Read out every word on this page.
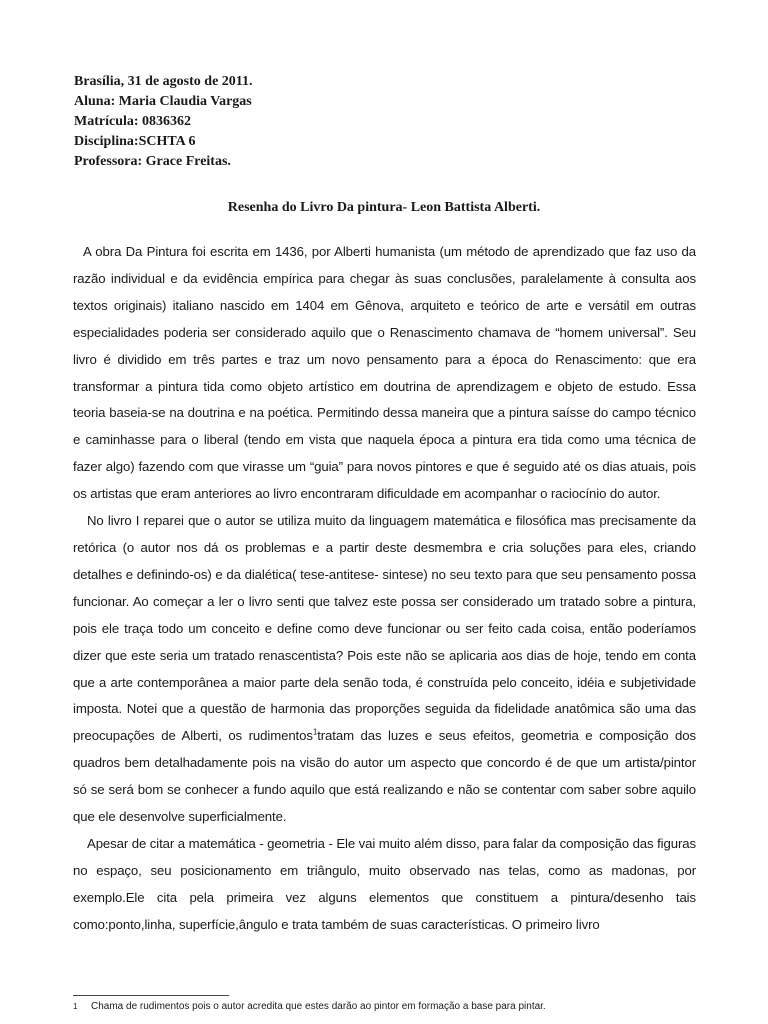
Brasília, 31 de agosto de 2011.
Aluna: Maria Claudia Vargas
Matrícula: 0836362
Disciplina:SCHTA 6
Professora: Grace Freitas.
Resenha do Livro Da pintura- Leon Battista Alberti.

A obra Da Pintura foi escrita em 1436, por Alberti humanista (um método de aprendizado que faz uso da razão individual e da evidência empírica para chegar às suas conclusões, paralelamente à consulta aos textos originais) italiano nascido em 1404 em Gênova, arquiteto e teórico de arte e versátil em outras especialidades poderia ser considerado aquilo que o Renascimento chamava de “homem universal”. Seu livro é dividido em três partes e traz um novo pensamento para a época do Renascimento: que era transformar a pintura tida como objeto artístico em doutrina de aprendizagem e objeto de estudo. Essa teoria baseia-se na doutrina e na poética. Permitindo dessa maneira que a pintura saísse do campo técnico e caminhasse para o liberal (tendo em vista que naquela época a pintura era tida como uma técnica de fazer algo) fazendo com que virasse um “guia” para novos pintores e que é seguido até os dias atuais, pois os artistas que eram anteriores ao livro encontraram dificuldade em acompanhar o raciocínio do autor.

No livro I reparei que o autor se utiliza muito da linguagem matemática e filosófica mas precisamente da retórica (o autor nos dá os problemas e a partir deste desmembra e cria soluções para eles, criando detalhes e definindo-os) e da dialética( tese-antitese- sintese) no seu texto para que seu pensamento possa funcionar. Ao começar a ler o livro senti que talvez este possa ser considerado um tratado sobre a pintura, pois ele traça todo um conceito e define como deve funcionar ou ser feito cada coisa, então poderíamos dizer que este seria um tratado renascentista? Pois este não se aplicaria aos dias de hoje, tendo em conta que a arte contemporânea a maior parte dela senão toda, é construída pelo conceito, idéia e subjetividade imposta. Notei que a questão de harmonia das proporções seguida da fidelidade anatômica são uma das preocupações de Alberti, os rudimentos$^1$tratam das luzes e seus efeitos, geometria e composição dos quadros bem detalhadamente pois na visão do autor um aspecto que concordo é de que um artista/pintor só se será bom se conhecer a fundo aquilo que está realizando e não se contentar com saber sobre aquilo que ele desenvolve superficialmente.

Apesar de citar a matemática - geometria - Ele vai muito além disso, para falar da composição das figuras no espaço, seu posicionamento em triângulo, muito observado nas telas, como as madonas, por exemplo.Ele cita pela primeira vez alguns elementos que constituem a pintura/desenho tais como:ponto,linha, superfície,ângulo e trata também de suas características. O primeiro livro

1 Chama de rudimentos pois o autor acredita que estes darão ao pintor em formação a base para pintar.
